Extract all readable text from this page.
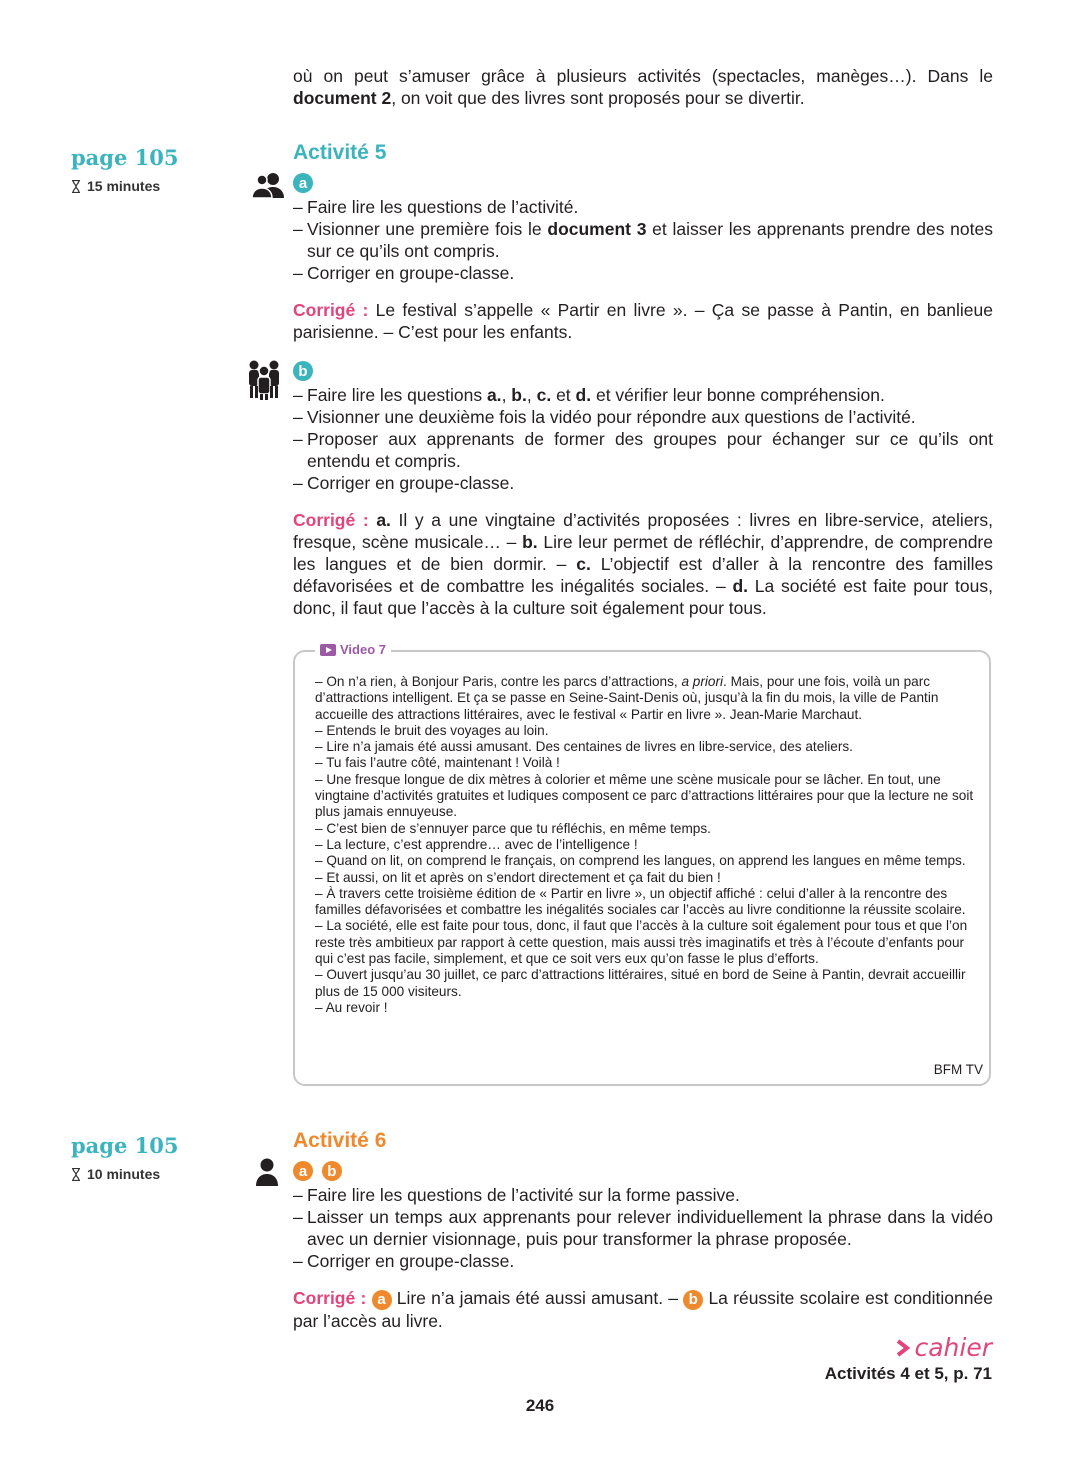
où on peut s’amuser grâce à plusieurs activités (spectacles, manèges…). Dans le document 2, on voit que des livres sont proposés pour se divertir.
page 105
15 minutes
Activité 5
a
– Faire lire les questions de l’activité.
– Visionner une première fois le document 3 et laisser les apprenants prendre des notes sur ce qu’ils ont compris.
– Corriger en groupe-classe.
Corrigé : Le festival s’appelle « Partir en livre ». – Ça se passe à Pantin, en banlieue parisienne. – C’est pour les enfants.
b
– Faire lire les questions a., b., c. et d. et vérifier leur bonne compréhension.
– Visionner une deuxième fois la vidéo pour répondre aux questions de l’activité.
– Proposer aux apprenants de former des groupes pour échanger sur ce qu’ils ont entendu et compris.
– Corriger en groupe-classe.
Corrigé : a. Il y a une vingtaine d’activités proposées : livres en libre-service, ateliers, fresque, scène musicale… – b. Lire leur permet de réfléchir, d’apprendre, de comprendre les langues et de bien dormir. – c. L’objectif est d’aller à la rencontre des familles défavorisées et de combattre les inégalités sociales. – d. La société est faite pour tous, donc, il faut que l’accès à la culture soit également pour tous.
Video 7

– On n’a rien, à Bonjour Paris, contre les parcs d’attractions, a priori. Mais, pour une fois, voilà un parc d’attractions intelligent. Et ça se passe en Seine-Saint-Denis où, jusqu’à la fin du mois, la ville de Pantin accueille des attractions littéraires, avec le festival « Partir en livre ». Jean-Marie Marchaut.

– Entends le bruit des voyages au loin.

– Lire n’a jamais été aussi amusant. Des centaines de livres en libre-service, des ateliers.

– Tu fais l’autre côté, maintenant ! Voilà !

– Une fresque longue de dix mètres à colorier et même une scène musicale pour se lâcher. En tout, une vingtaine d’activités gratuites et ludiques composent ce parc d’attractions littéraires pour que la lecture ne soit plus jamais ennuyeuse.

– C’est bien de s’ennuyer parce que tu réfléchis, en même temps.

– La lecture, c’est apprendre… avec de l’intelligence !

– Quand on lit, on comprend le français, on comprend les langues, on apprend les langues en même temps.

– Et aussi, on lit et après on s’endort directement et ça fait du bien !

– À travers cette troisième édition de « Partir en livre », un objectif affiché : celui d’aller à la rencontre des familles défavorisées et combattre les inégalités sociales car l’accès au livre conditionne la réussite scolaire.

– La société, elle est faite pour tous, donc, il faut que l’accès à la culture soit également pour tous et que l’on reste très ambitieux par rapport à cette question, mais aussi très imaginatifs et très à l’écoute d’enfants pour qui c’est pas facile, simplement, et que ce soit vers eux qu’on fasse le plus d’efforts.

– Ouvert jusqu’au 30 juillet, ce parc d’attractions littéraires, situé en bord de Seine à Pantin, devrait accueillir plus de 15 000 visiteurs.

– Au revoir !

BFM TV
page 105
10 minutes
Activité 6
a b
– Faire lire les questions de l’activité sur la forme passive.
– Laisser un temps aux apprenants pour relever individuellement la phrase dans la vidéo avec un dernier visionnage, puis pour transformer la phrase proposée.
– Corriger en groupe-classe.
Corrigé : a Lire n’a jamais été aussi amusant. – b La réussite scolaire est conditionnée par l’accès au livre.
cahier
Activités 4 et 5, p. 71
246
